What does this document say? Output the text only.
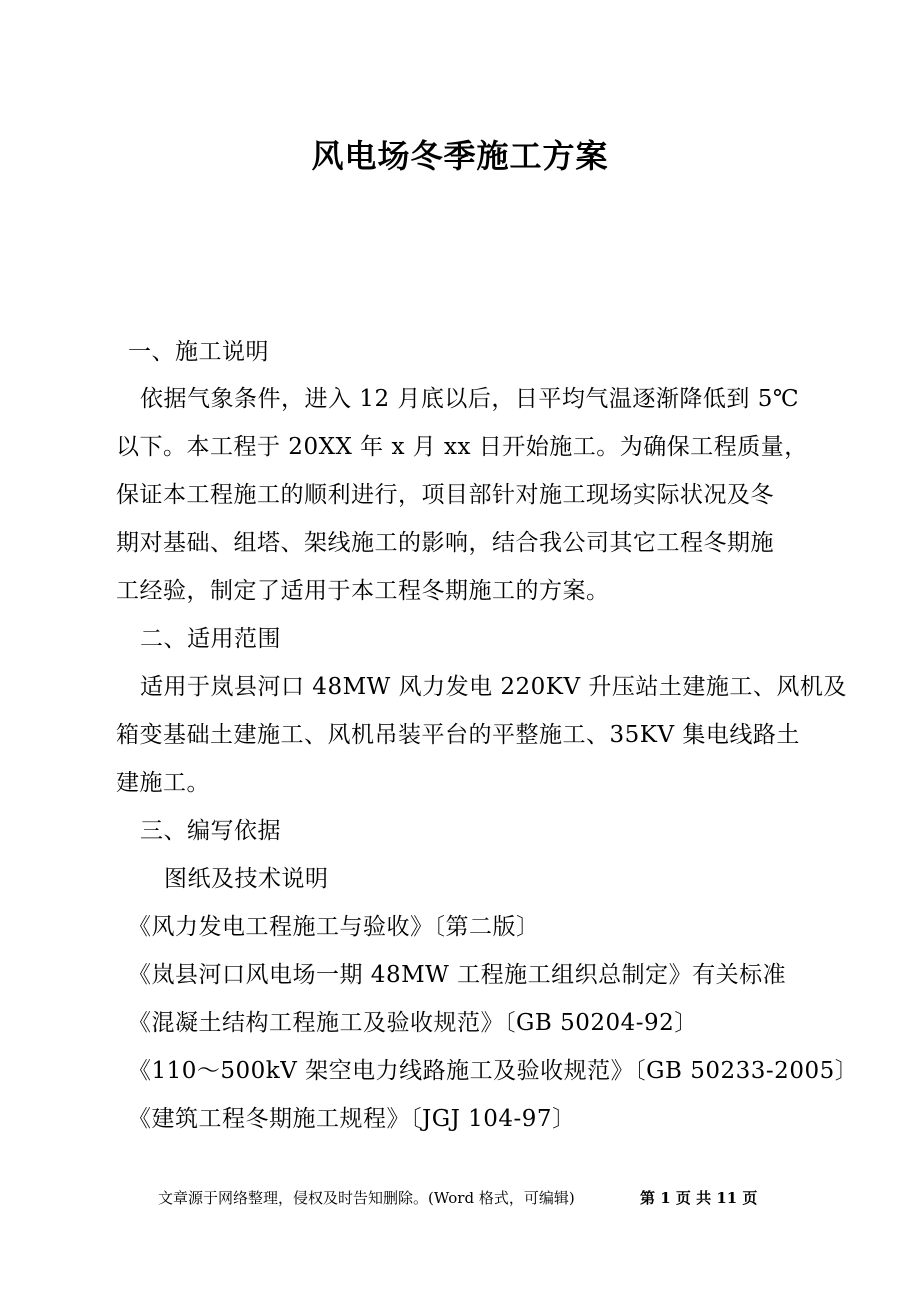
风电场冬季施工方案

一、施工说明

依据气象条件，进入 12 月底以后，日平均气温逐渐降低到 5℃

以下。本工程于 20XX 年 x 月 xx 日开始施工。为确保工程质量，

保证本工程施工的顺利进行，项目部针对施工现场实际状况及冬

期对基础、组塔、架线施工的影响，结合我公司其它工程冬期施

工经验，制定了适用于本工程冬期施工的方案。

二、适用范围

适用于岚县河口 48MW 风力发电 220KV 升压站土建施工、风机及

箱变基础土建施工、风机吊装平台的平整施工、35KV 集电线路土

建施工。

三、编写依据

图纸及技术说明

《风力发电工程施工与验收》〔第二版〕

《岚县河口风电场一期 48MW 工程施工组织总制定》有关标准

《混凝土结构工程施工及验收规范》〔GB 50204-92〕

《110～500kV 架空电力线路施工及验收规范》〔GB 50233-2005〕

《建筑工程冬期施工规程》〔JGJ 104-97〕

文章源于网络整理，侵权及时告知删除。(Word 格式，可编辑)	第 1 页 共 11 页
